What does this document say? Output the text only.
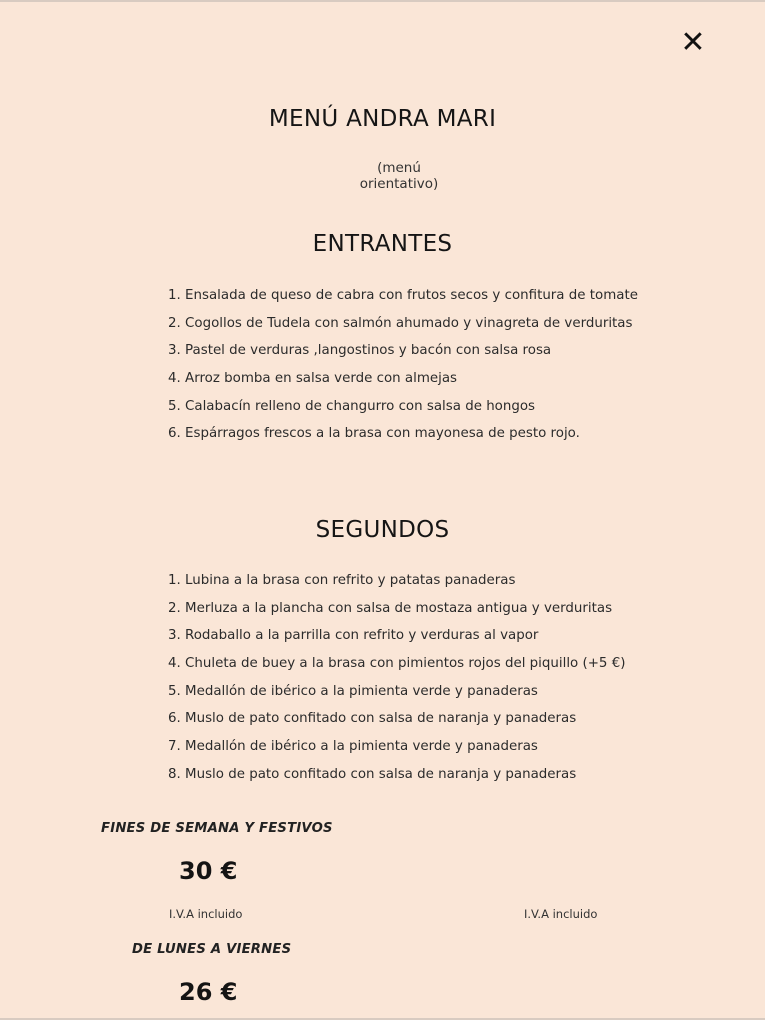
✕
MENÚ ANDRA MARI
(menú orientativo)
ENTRANTES
1. Ensalada de queso de cabra con frutos secos y confitura de tomate
2. Cogollos de Tudela con salmón ahumado y vinagreta de verduritas
3. Pastel de verduras ,langostinos y bacón con salsa rosa
4. Arroz bomba en salsa verde con almejas
5. Calabacín relleno de changurro con salsa de hongos
6. Espárragos frescos a la brasa con mayonesa de pesto rojo.
SEGUNDOS
1. Lubina a la brasa con refrito y patatas panaderas
2. Merluza a la plancha con salsa de mostaza antigua y verduritas
3. Rodaballo a la parrilla con refrito y verduras al vapor
4. Chuleta de buey a la brasa con pimientos rojos del piquillo (+5 €)
5. Medallón de ibérico a la pimienta verde y panaderas
6. Muslo de pato confitado con salsa de naranja y panaderas
7. Medallón de ibérico a la pimienta verde y panaderas
8. Muslo de pato confitado con salsa de naranja y panaderas
FINES DE SEMANA Y FESTIVOS
30 €
I.V.A incluido	I.V.A incluido
DE LUNES A VIERNES
26 €
